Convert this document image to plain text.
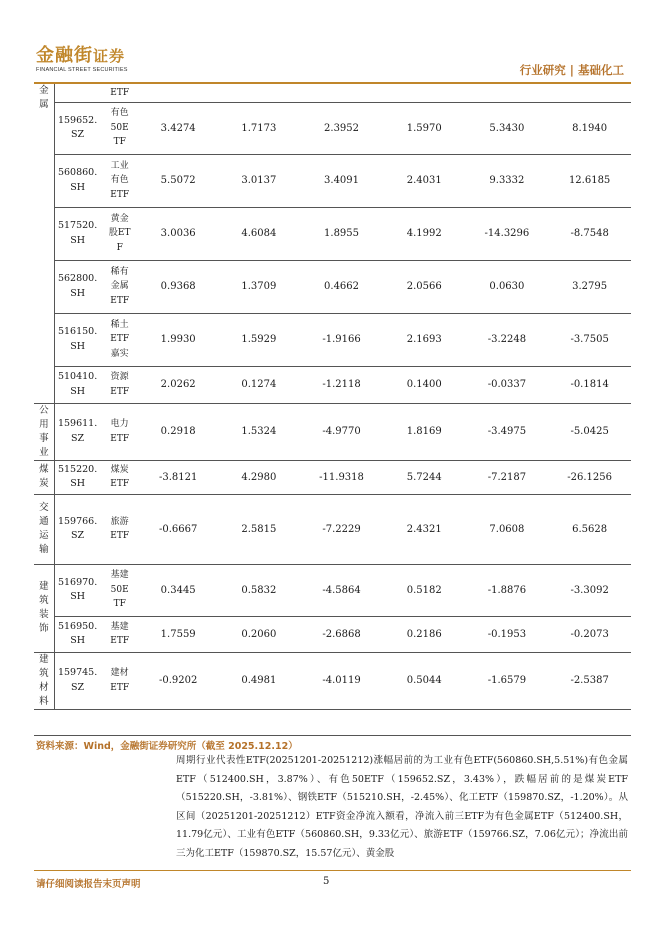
金融街证券
FINANCIAL STREET SECURITIES	行业研究 | 基础化工
金属		ETF						
	159652.SZ	有色50ETF	3.4274	1.7173	2.3952	1.5970	5.3430	8.1940
	560860.SH	工业有色ETF	5.5072	3.0137	3.4091	2.4031	9.3332	12.6185
	517520.SH	黄金股ETF	3.0036	4.6084	1.8955	4.1992	-14.3296	-8.7548
	562800.SH	稀有金属ETF	0.9368	1.3709	0.4662	2.0566	0.0630	3.2795
	516150.SH	稀土ETF嘉实	1.9930	1.5929	-1.9166	2.1693	-3.2248	-3.7505
	510410.SH	资源ETF	2.0262	0.1274	-1.2118	0.1400	-0.0337	-0.1814
公用事业	159611.SZ	电力ETF	0.2918	1.5324	-4.9770	1.8169	-3.4975	-5.0425
煤炭	515220.SH	煤炭ETF	-3.8121	4.2980	-11.9318	5.7244	-7.2187	-26.1256
交通运输	159766.SZ	旅游ETF	-0.6667	2.5815	-7.2229	2.4321	7.0608	6.5628
建筑装饰	516970.SH	基建50ETF	0.3445	0.5832	-4.5864	0.5182	-1.8876	-3.3092
	516950.SH	基建ETF	1.7559	0.2060	-2.6868	0.2186	-0.1953	-0.2073
建筑材料	159745.SZ	建材ETF	-0.9202	0.4981	-4.0119	0.5044	-1.6579	-2.5387
资料来源：Wind，金融街证券研究所（截至 2025.12.12）
周期行业代表性ETF(20251201-20251212)涨幅居前的为工业有色ETF(560860.SH,5.51%)有色金属ETF（512400.SH，3.87%）、有色50ETF（159652.SZ，3.43%），跌幅居前的是煤炭ETF（515220.SH，-3.81%）、钢铁ETF（515210.SH，-2.45%）、化工ETF（159870.SZ，-1.20%）。从区间（20251201-20251212）ETF资金净流入额看，净流入前三ETF为有色金属ETF（512400.SH，11.79亿元）、工业有色ETF（560860.SH，9.33亿元）、旅游ETF（159766.SZ，7.06亿元）；净流出前三为化工ETF（159870.SZ，15.57亿元）、黄金股
请仔细阅读报告末页声明	5
